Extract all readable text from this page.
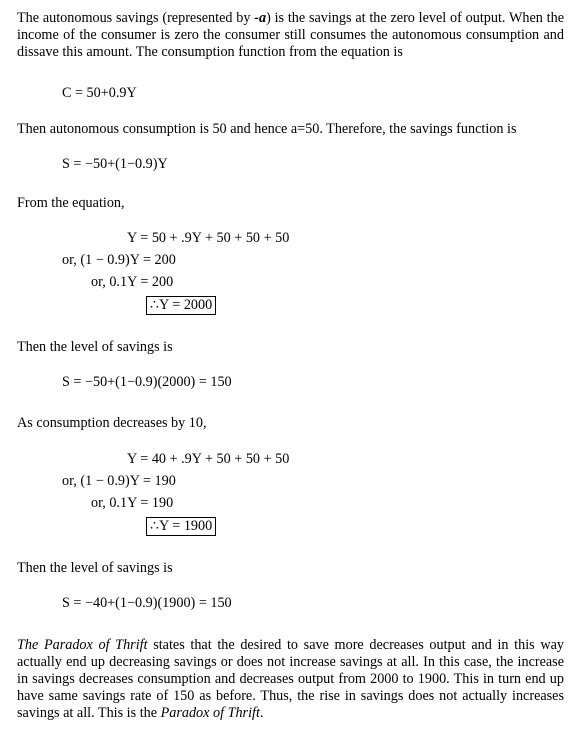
The autonomous savings (represented by -a) is the savings at the zero level of output. When the income of the consumer is zero the consumer still consumes the autonomous consumption and dissave this amount. The consumption function from the equation is
C = 50+0.9Y
Then autonomous consumption is 50 and hence a=50. Therefore, the savings function is
S = −50+(1−0.9)Y
From the equation,
Y = 50 + .9Y + 50 + 50 + 50
or, (1 − 0.9)Y = 200
or, 0.1Y = 200
∴Y = 2000
Then the level of savings is
S = −50+(1−0.9)(2000) = 150
As consumption decreases by 10,
Y = 40 + .9Y + 50 + 50 + 50
or, (1 − 0.9)Y = 190
or, 0.1Y = 190
∴Y = 1900
Then the level of savings is
S = −40+(1−0.9)(1900) = 150
The Paradox of Thrift states that the desired to save more decreases output and in this way actually end up decreasing savings or does not increase savings at all. In this case, the increase in savings decreases consumption and decreases output from 2000 to 1900. This in turn end up have same savings rate of 150 as before. Thus, the rise in savings does not actually increases savings at all. This is the Paradox of Thrift.
